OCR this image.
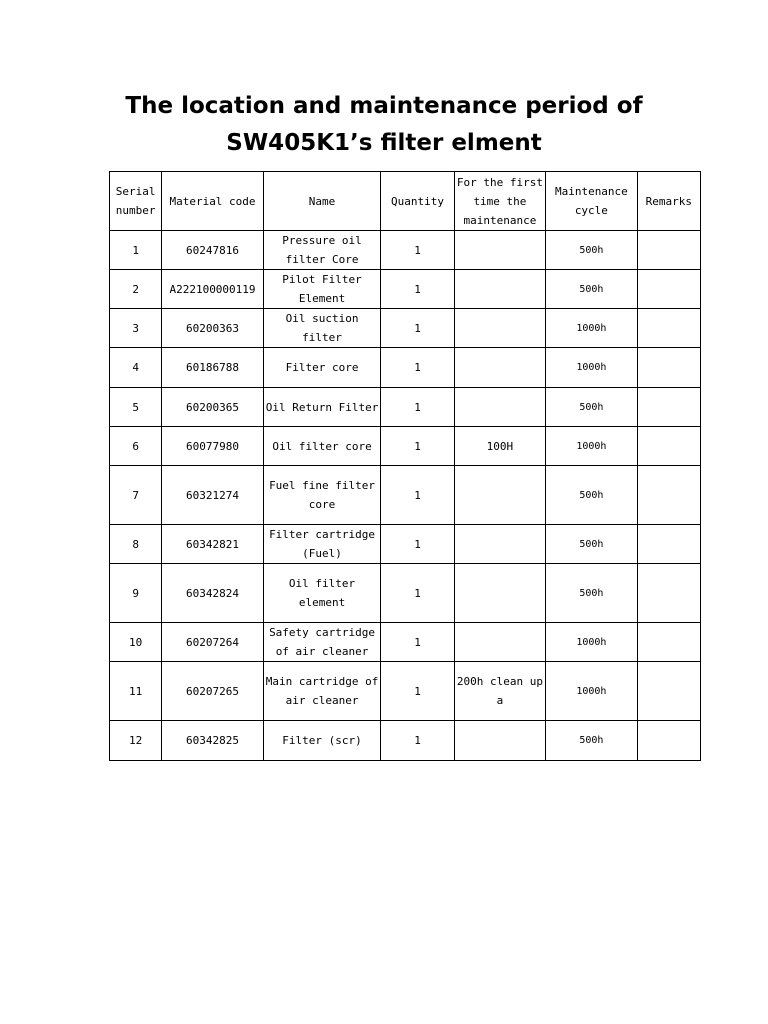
The location and maintenance period of
SW405K1’s filter elment
Serial number	Material code	Name	Quantity	For the first time the maintenance	Maintenance cycle	Remarks
1	60247816	Pressure oil filter Core	1		500h	
2	A222100000119	Pilot Filter Element	1		500h	
3	60200363	Oil suction filter	1		1000h	
4	60186788	Filter core	1		1000h	
5	60200365	Oil Return Filter	1		500h	
6	60077980	Oil filter core	1	100H	1000h	
7	60321274	Fuel fine filter core	1		500h	
8	60342821	Filter cartridge (Fuel)	1		500h	
9	60342824	Oil filter element	1		500h	
10	60207264	Safety cartridge of air cleaner	1		1000h	
11	60207265	Main cartridge of air cleaner	1	200h clean up a	1000h	
12	60342825	Filter (scr)	1		500h	
